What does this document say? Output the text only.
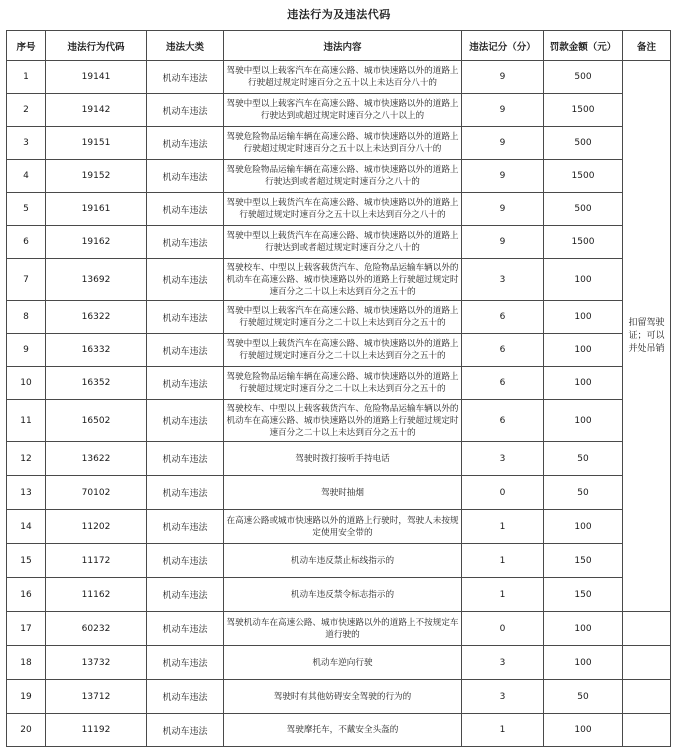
违法行为及违法代码
序号	违法行为代码	违法大类	违法内容	违法记分（分）	罚款金额（元）	备注
1	19141	机动车违法	驾驶中型以上载客汽车在高速公路、城市快速路以外的道路上行驶超过规定时速百分之五十以上未达百分八十的	9	500	扣留驾驶证；可以并处吊销
2	19142	机动车违法	驾驶中型以上载客汽车在高速公路、城市快速路以外的道路上行驶达到或超过规定时速百分之八十以上的	9	1500	
3	19151	机动车违法	驾驶危险物品运输车辆在高速公路、城市快速路以外的道路上行驶超过规定时速百分之五十以上未达到百分八十的	9	500	
4	19152	机动车违法	驾驶危险物品运输车辆在高速公路、城市快速路以外的道路上行驶达到或者超过规定时速百分之八十的	9	1500	
5	19161	机动车违法	驾驶中型以上载货汽车在高速公路、城市快速路以外的道路上行驶超过规定时速百分之五十以上未达到百分之八十的	9	500	
6	19162	机动车违法	驾驶中型以上载货汽车在高速公路、城市快速路以外的道路上行驶达到或者超过规定时速百分之八十的	9	1500	
7	13692	机动车违法	驾驶校车、中型以上载客载货汽车、危险物品运输车辆以外的机动车在高速公路、城市快速路以外的道路上行驶超过规定时速百分之二十以上未达到百分之五十的	3	100	
8	16322	机动车违法	驾驶中型以上载客汽车在高速公路、城市快速路以外的道路上行驶超过规定时速百分之二十以上未达到百分之五十的	6	100	
9	16332	机动车违法	驾驶中型以上载货汽车在高速公路、城市快速路以外的道路上行驶超过规定时速百分之二十以上未达到百分之五十的	6	100	
10	16352	机动车违法	驾驶危险物品运输车辆在高速公路、城市快速路以外的道路上行驶超过规定时速百分之二十以上未达到百分之五十的	6	100	
11	16502	机动车违法	驾驶校车、中型以上载客载货汽车、危险物品运输车辆以外的机动车在高速公路、城市快速路以外的道路上行驶超过规定时速百分之二十以上未达到百分之五十的	6	100	
12	13622	机动车违法	驾驶时拨打接听手持电话	3	50	
13	70102	机动车违法	驾驶时抽烟	0	50	
14	11202	机动车违法	在高速公路或城市快速路以外的道路上行驶时，驾驶人未按规定使用安全带的	1	100	
15	11172	机动车违法	机动车违反禁止标线指示的	1	150	
16	11162	机动车违法	机动车违反禁令标志指示的	1	150	
17	60232	机动车违法	驾驶机动车在高速公路、城市快速路以外的道路上不按规定车道行驶的	0	100	
18	13732	机动车违法	机动车逆向行驶	3	100	
19	13712	机动车违法	驾驶时有其他妨碍安全驾驶的行为的	3	50	
20	11192	机动车违法	驾驶摩托车，不戴安全头盔的	1	100	
